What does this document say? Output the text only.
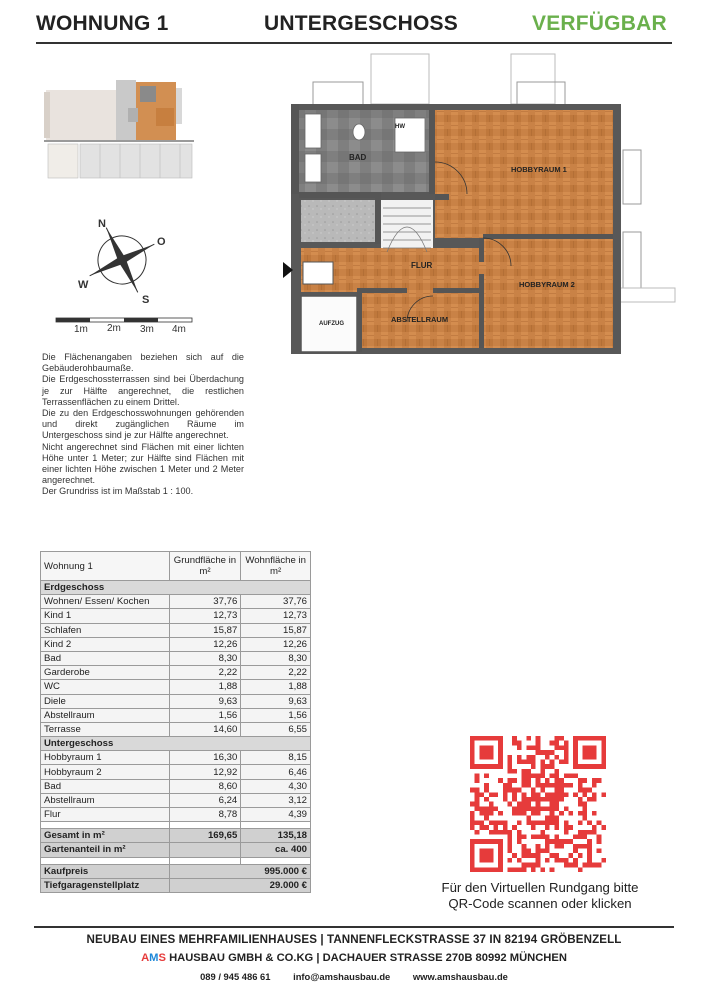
WOHNUNG 1	UNTERGESCHOSS	VERFÜGBAR
N
O
S
W
1m 2m 3m 4m
BAD
HOBBYRAUM 1
HOBBYRAUM 2
FLUR
ABSTELLRAUM
AUFZUG
HW

Die Flächenangaben beziehen sich auf die Gebäuderohbaumaße.

Die Erdgeschossterrassen sind bei Überdachung je zur Hälfte angerechnet, die restlichen Terrassenflächen zu einem Drittel.

Die zu den Erdgeschosswohnungen gehörenden und direkt zugänglichen Räume im Untergeschoss sind je zur Hälfte angerechnet.

Nicht angerechnet sind Flächen mit einer lichten Höhe unter 1 Meter; zur Hälfte sind Flächen mit einer lichten Höhe zwischen 1 Meter und 2 Meter angerechnet.

Der Grundriss ist im Maßstab 1 : 100.

Wohnung 1	Grundfläche in m²	Wohnfläche in m²
Erdgeschoss		
Wohnen/ Essen/ Kochen	37,76	37,76
Kind 1	12,73	12,73
Schlafen	15,87	15,87
Kind 2	12,26	12,26
Bad	8,30	8,30
Garderobe	2,22	2,22
WC	1,88	1,88
Diele	9,63	9,63
Abstellraum	1,56	1,56
Terrasse	14,60	6,55
Untergeschoss		
Hobbyraum 1	16,30	8,15
Hobbyraum 2	12,92	6,46
Bad	8,60	4,30
Abstellraum	6,24	3,12
Flur	8,78	4,39

Gesamt in m²	169,65	135,18
Gartenanteil in m²		ca. 400

Kaufpreis	995.000 €	
Tiefgaragenstellplatz	29.000 €		Für den Virtuellen Rundgang bitte
QR-Code scannen oder klicken
NEUBAU EINES MEHRFAMILIENHAUSES | TANNENFLECKSTRASSE 37 IN 82194 GRÖBENZELL
AMS HAUSBAU GMBH & CO.KG | DACHAUER STRASSE 270B 80992 MÜNCHEN
089 / 945 486 61 info@amshausbau.de www.amshausbau.de
